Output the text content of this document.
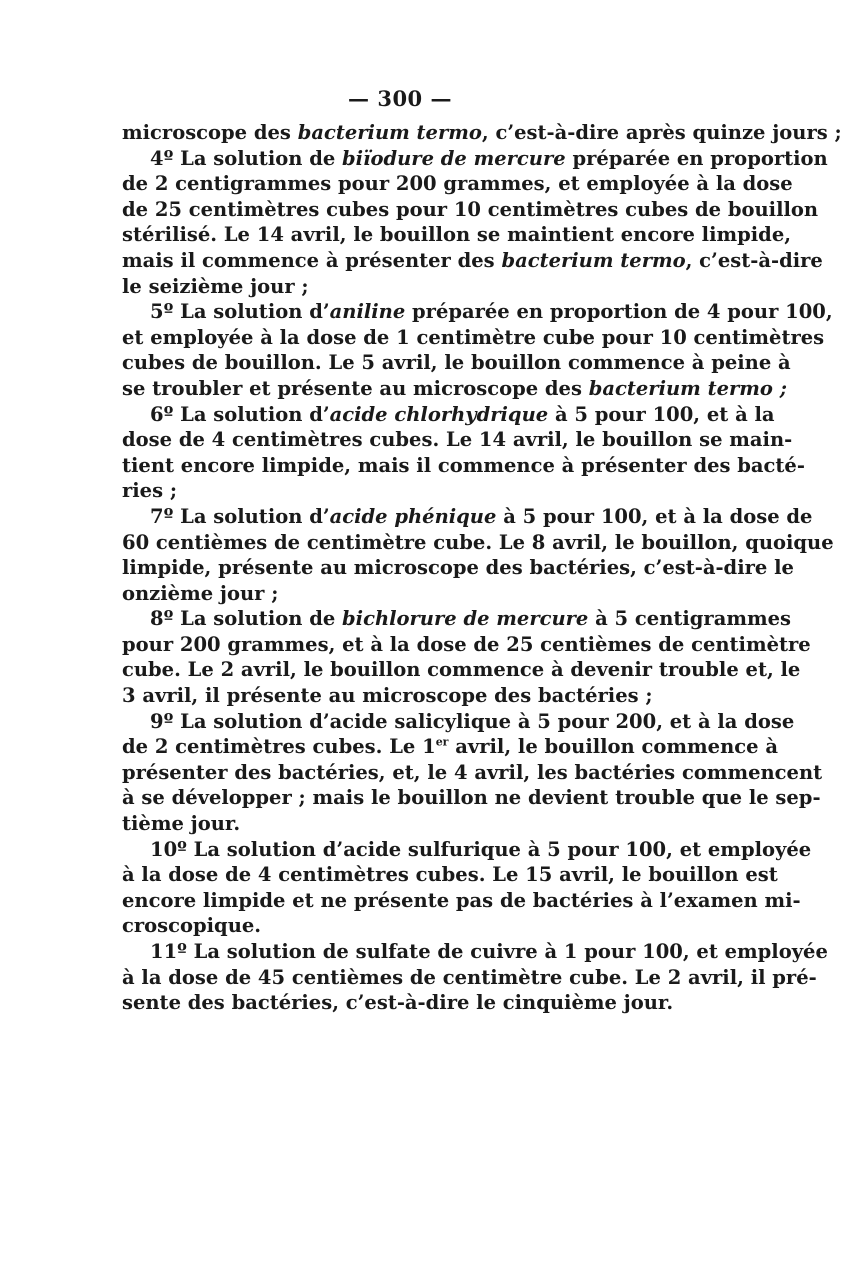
— 300 —
microscope des bacterium termo, c’est-à-dire après quinze jours ;
4º La solution de biïodure de mercure préparée en proportion
de 2 centigrammes pour 200 grammes, et employée à la dose
de 25 centimètres cubes pour 10 centimètres cubes de bouillon
stérilisé. Le 14 avril, le bouillon se maintient encore limpide,
mais il commence à présenter des bacterium termo, c’est-à-dire
le seizième jour ;
5º La solution d’aniline préparée en proportion de 4 pour 100,
et employée à la dose de 1 centimètre cube pour 10 centimètres
cubes de bouillon. Le 5 avril, le bouillon commence à peine à
se troubler et présente au microscope des bacterium termo ;
6º La solution d’acide chlorhydrique à 5 pour 100, et à la
dose de 4 centimètres cubes. Le 14 avril, le bouillon se main-
tient encore limpide, mais il commence à présenter des bacté-
ries ;
7º La solution d’acide phénique à 5 pour 100, et à la dose de
60 centièmes de centimètre cube. Le 8 avril, le bouillon, quoique
limpide, présente au microscope des bactéries, c’est-à-dire le
onzième jour ;
8º La solution de bichlorure de mercure à 5 centigrammes
pour 200 grammes, et à la dose de 25 centièmes de centimètre
cube. Le 2 avril, le bouillon commence à devenir trouble et, le
3 avril, il présente au microscope des bactéries ;
9º La solution d’acide salicylique à 5 pour 200, et à la dose
de 2 centimètres cubes. Le 1er avril, le bouillon commence à
présenter des bactéries, et, le 4 avril, les bactéries commencent
à se développer ; mais le bouillon ne devient trouble que le sep-
tième jour.
10º La solution d’acide sulfurique à 5 pour 100, et employée
à la dose de 4 centimètres cubes. Le 15 avril, le bouillon est
encore limpide et ne présente pas de bactéries à l’examen mi-
croscopique.
11º La solution de sulfate de cuivre à 1 pour 100, et employée
à la dose de 45 centièmes de centimètre cube. Le 2 avril, il pré-
sente des bactéries, c’est-à-dire le cinquième jour.
